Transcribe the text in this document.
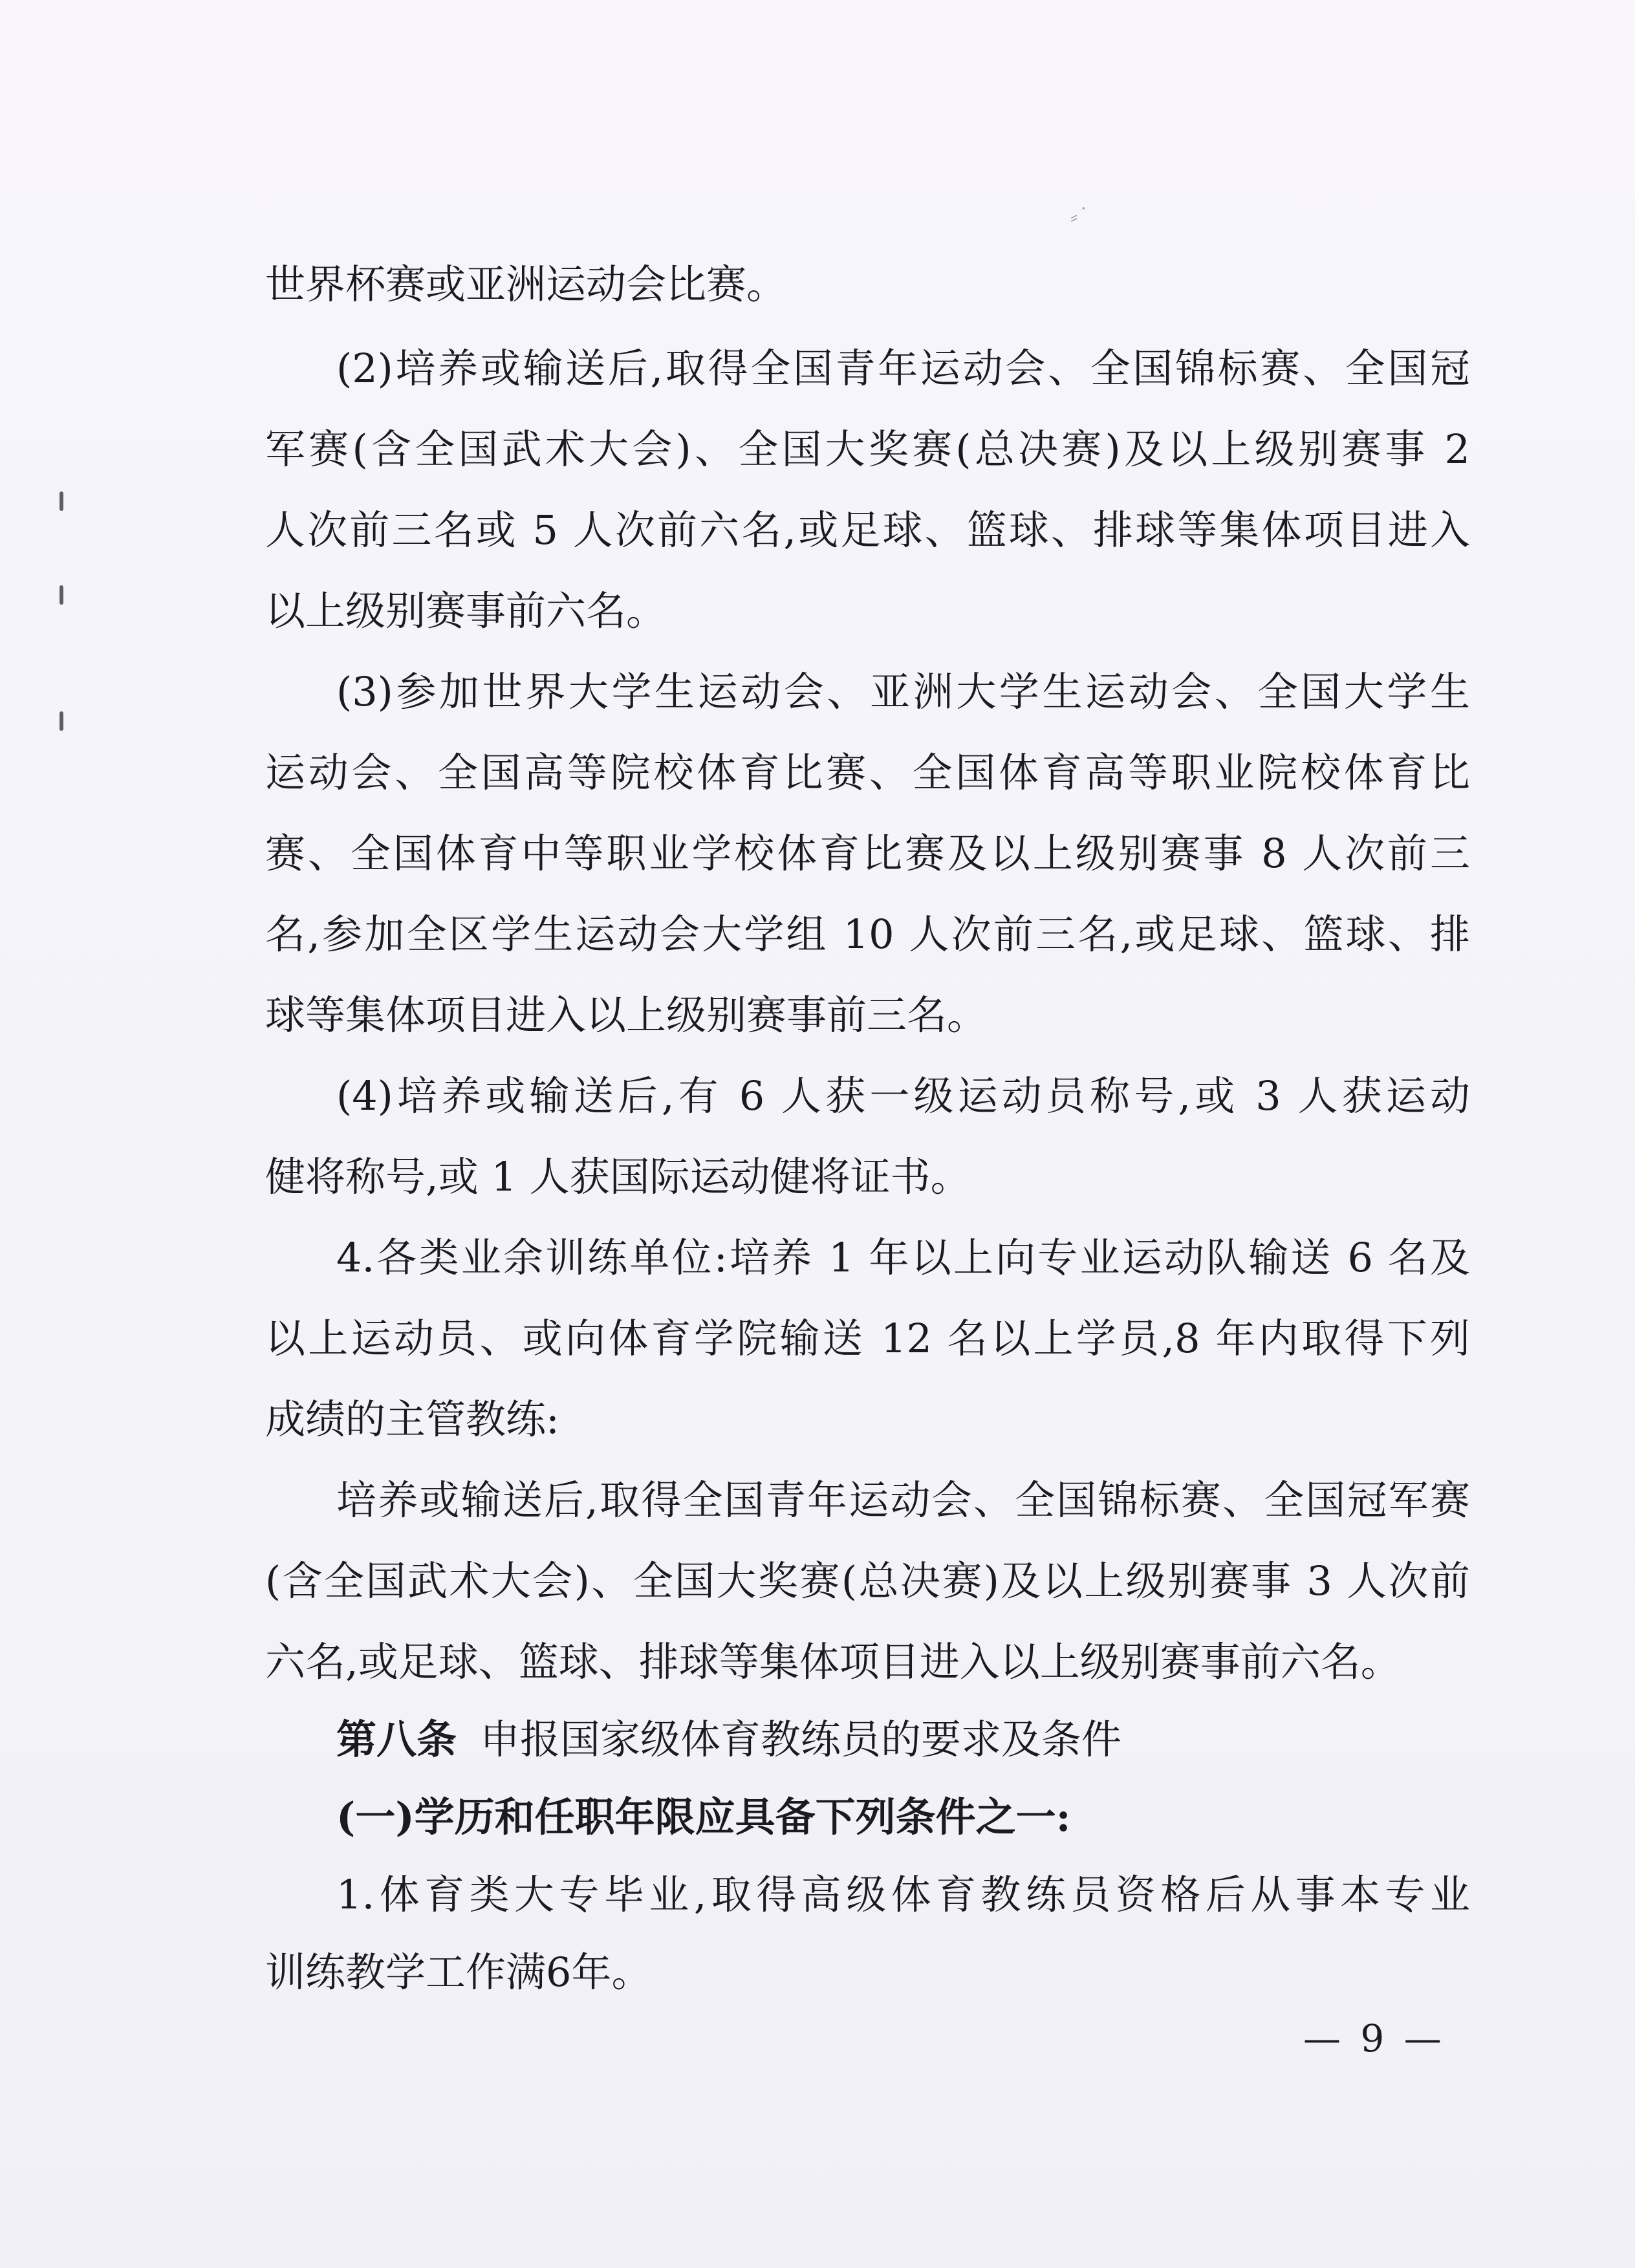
⸗ ͘
世界杯赛或亚洲运动会比赛。
(2)培养或输送后,取得全国青年运动会、全国锦标赛、全国冠
军赛(含全国武术大会)、全国大奖赛(总决赛)及以上级别赛事 2
人次前三名或 5 人次前六名,或足球、篮球、排球等集体项目进入
以上级别赛事前六名。
(3)参加世界大学生运动会、亚洲大学生运动会、全国大学生
运动会、全国高等院校体育比赛、全国体育高等职业院校体育比
赛、全国体育中等职业学校体育比赛及以上级别赛事 8 人次前三
名,参加全区学生运动会大学组 10 人次前三名,或足球、篮球、排
球等集体项目进入以上级别赛事前三名。
(4)培养或输送后,有 6 人获一级运动员称号,或 3 人获运动
健将称号,或 1 人获国际运动健将证书。
4.各类业余训练单位:培养 1 年以上向专业运动队输送 6 名及
以上运动员、或向体育学院输送 12 名以上学员,8 年内取得下列
成绩的主管教练:
培养或输送后,取得全国青年运动会、全国锦标赛、全国冠军赛
(含全国武术大会)、全国大奖赛(总决赛)及以上级别赛事 3 人次前
六名,或足球、篮球、排球等集体项目进入以上级别赛事前六名。
第八条 申报国家级体育教练员的要求及条件
(一)学历和任职年限应具备下列条件之一:
1.体育类大专毕业,取得高级体育教练员资格后从事本专业
训练教学工作满6年。
— 9 —
